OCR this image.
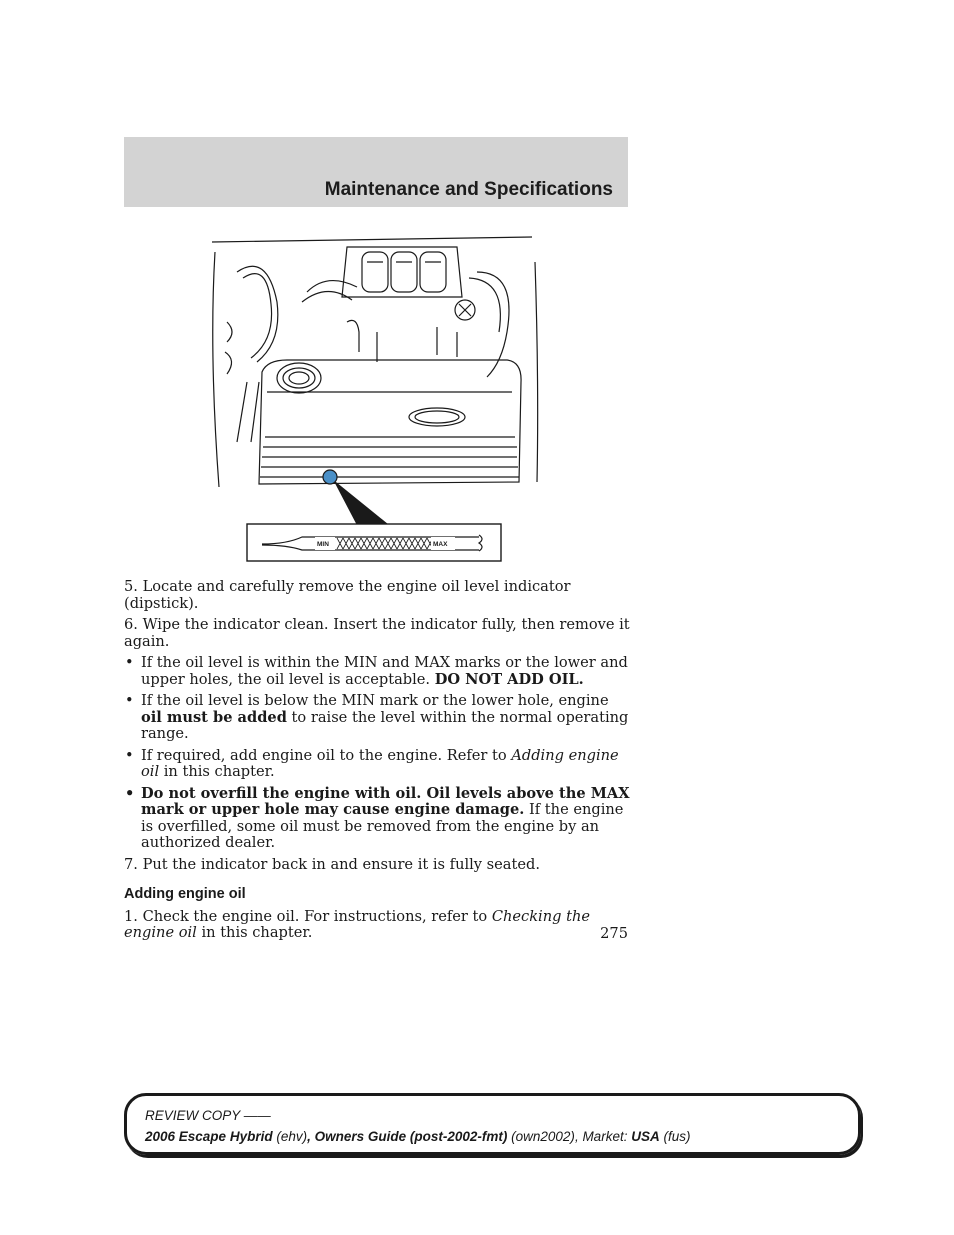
Maintenance and Specifications
MIN	MAX

5. Locate and carefully remove the engine oil level indicator (dipstick).

6. Wipe the indicator clean. Insert the indicator fully, then remove it again.

• If the oil level is within the MIN and MAX marks or the lower and upper holes, the oil level is acceptable. DO NOT ADD OIL.
• If the oil level is below the MIN mark or the lower hole, engine oil must be added to raise the level within the normal operating range.
• If required, add engine oil to the engine. Refer to Adding engine oil in this chapter.
• Do not overfill the engine with oil. Oil levels above the MAX mark or upper hole may cause engine damage. If the engine is overfilled, some oil must be removed from the engine by an authorized dealer.

7. Put the indicator back in and ensure it is fully seated.

Adding engine oil

1. Check the engine oil. For instructions, refer to Checking the engine oil in this chapter.	275
REVIEW COPY ——
2006 Escape Hybrid (ehv), Owners Guide (post-2002-fmt) (own2002), Market: USA (fus)
